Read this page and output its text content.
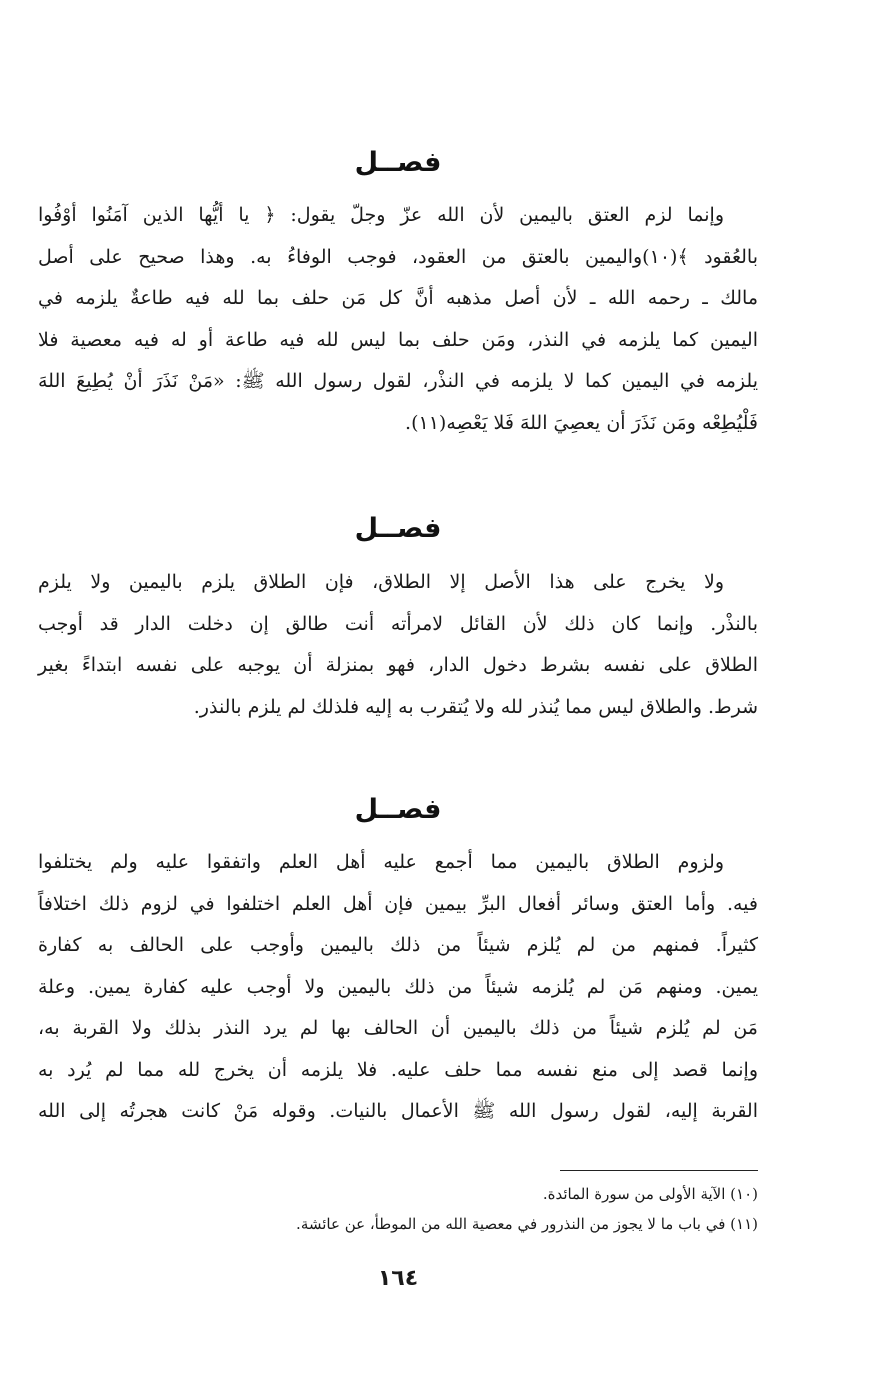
فصــل
وإنما لزم العتق باليمين لأن الله عزّ وجلّ يقول: ﴿ يا أيُّها الذين آمَنُوا أوْفُوا
بالعُقود ﴾(١٠)واليمين بالعتق من العقود، فوجب الوفاءُ به. وهذا صحيح على أصل
مالك ـ رحمه الله ـ لأن أصل مذهبه أنَّ كل مَن حلف بما لله فيه طاعةٌ يلزمه في
اليمين كما يلزمه في النذر، ومَن حلف بما ليس لله فيه طاعة أو له فيه معصية فلا
يلزمه في اليمين كما لا يلزمه في النذْر، لقول رسول الله ﷺ: «مَنْ نَذَرَ أنْ يُطِيعَ اللهَ
فَلْيُطِعْه ومَن نَذَرَ أن يعصِيَ اللهَ فَلا يَعْصِه(١١).
فصــل
ولا يخرج على هذا الأصل إلا الطلاق، فإن الطلاق يلزم باليمين ولا يلزم
بالنذْر. وإنما كان ذلك لأن القائل لامرأته أنت طالق إن دخلت الدار قد أوجب
الطلاق على نفسه بشرط دخول الدار، فهو بمنزلة أن يوجبه على نفسه ابتداءً بغير
شرط. والطلاق ليس مما يُنذر لله ولا يُتقرب به إليه فلذلك لم يلزم بالنذر.
فصــل
ولزوم الطلاق باليمين مما أجمع عليه أهل العلم واتفقوا عليه ولم يختلفوا
فيه. وأما العتق وسائر أفعال البرِّ بيمين فإن أهل العلم اختلفوا في لزوم ذلك اختلافاً
كثيراً. فمنهم من لم يُلزم شيئاً من ذلك باليمين وأوجب على الحالف به كفارة
يمين. ومنهم مَن لم يُلزمه شيئاً من ذلك باليمين ولا أوجب عليه كفارة يمين. وعلة
مَن لم يُلزم شيئاً من ذلك باليمين أن الحالف بها لم يرد النذر بذلك ولا القربة به،
وإنما قصد إلى منع نفسه مما حلف عليه. فلا يلزمه أن يخرج لله مما لم يُرد به
القربة إليه، لقول رسول الله ﷺ الأعمال بالنيات. وقوله مَنْ كانت هجرتُه إلى الله
(١٠) الآية الأولى من سورة المائدة.
(١١) في باب ما لا يجوز من النذرور في معصية الله من الموطأ، عن عائشة.
١٦٤
